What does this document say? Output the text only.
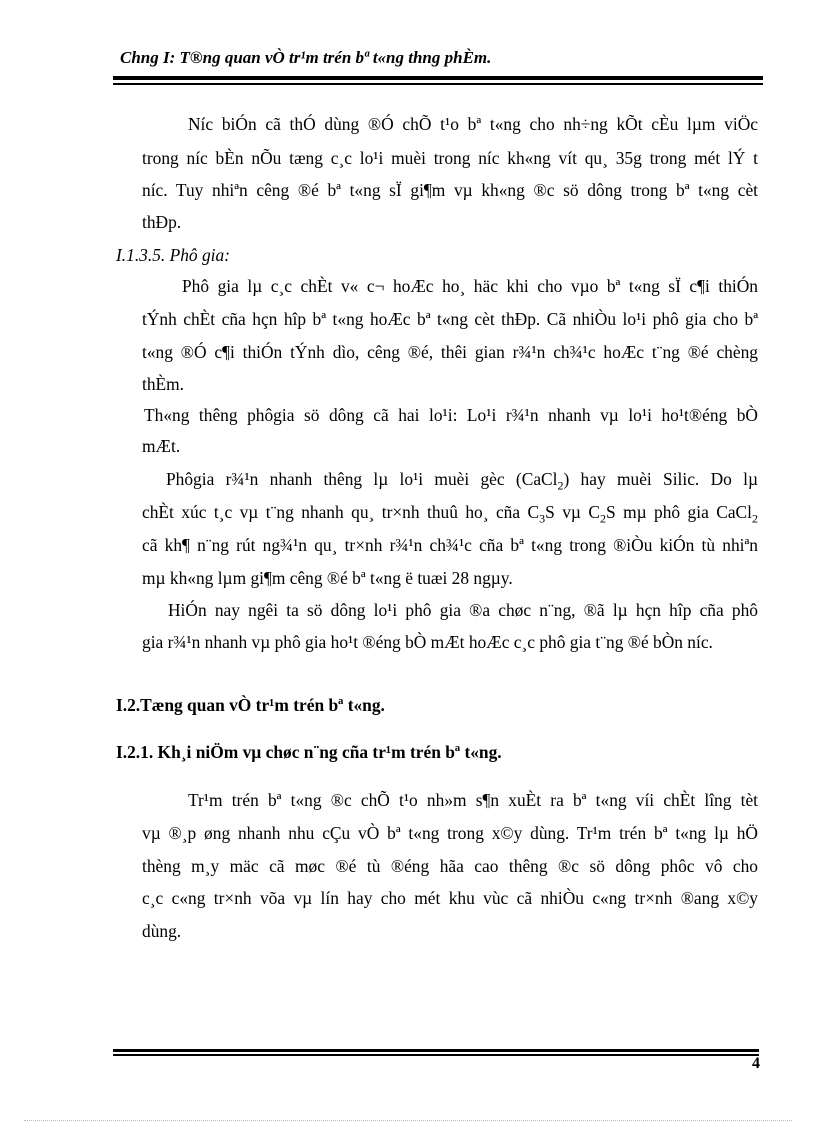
Chng I: T®ng quan vÒ tr¹m trén bª t«ng thng phÈm.
Níc biÓn cã thÓ dùng ®Ó chÕ t¹o bª t«ng cho nh÷ng kÕt cÈu lµm viÖc
trong níc bÈn nÕu tæng c¸c lo¹i muèi trong níc kh«ng vít qu¸ 35g trong mét lÝ t
níc. Tuy nhiªn cêng ®é bª t«ng sÏ gi¶m vµ kh«ng ®c sö dông trong bª t«ng cèt
thÐp.
I.1.3.5. Phô gia:
Phô gia lµ c¸c chÈt v« c¬ hoÆc ho¸ häc khi cho vµo bª t«ng sÏ c¶i thiÓn
tÝnh chÈt cña hçn hîp bª t«ng hoÆc bª t«ng cèt thÐp. Cã nhiÒu lo¹i phô gia cho bª
t«ng ®Ó c¶i thiÓn tÝnh dìo, cêng ®é, thêi gian r¾¹n ch¾¹c hoÆc t¨ng ®é chèng
thÈm.
Th«ng thêng phôgia sö dông cã hai lo¹i: Lo¹i r¾¹n nhanh vµ lo¹i ho¹t®éng bÒ
mÆt.
Phôgia r¾¹n nhanh thêng lµ lo¹i muèi gèc (CaCl$_2$) hay muèi Silic. Do lµ
chÈt xúc t¸c vµ t¨ng nhanh qu¸ tr×nh thuû ho¸ cña $C_3S$ vµ $C_2S$ mµ phô gia CaCl$_2$
cã kh¶ n¨ng rút ng¾¹n qu¸ tr×nh r¾¹n ch¾¹c cña bª t«ng trong ®iÒu kiÓn tù nhiªn
mµ kh«ng lµm gi¶m cêng ®é bª t«ng ë tuæi 28 ngµy.
HiÓn nay ngêi ta sö dông lo¹i phô gia ®a chøc n¨ng, ®ã lµ hçn hîp cña phô
gia r¾¹n nhanh vµ phô gia ho¹t ®éng bÒ mÆt hoÆc c¸c phô gia t¨ng ®é bÒn níc.
I.2.Tæng quan vÒ tr¹m trén bª t«ng.
I.2.1. Kh¸i niÖm vµ chøc n¨ng cña tr¹m trén bª t«ng.
Tr¹m trén bª t«ng ®c chÕ t¹o nh»m s¶n xuÈt ra bª t«ng víi chÈt lîng tèt
vµ ®¸p øng nhanh nhu cÇu vÒ bª t«ng trong x©y dùng. Tr¹m trén bª t«ng lµ hÖ
thèng m¸y mäc cã møc ®é tù ®éng hãa cao thêng ®c sö dông phôc vô cho
c¸c c«ng tr×nh võa vµ lín hay cho mét khu vùc cã nhiÒu c«ng tr×nh ®ang x©y
dùng.
4
